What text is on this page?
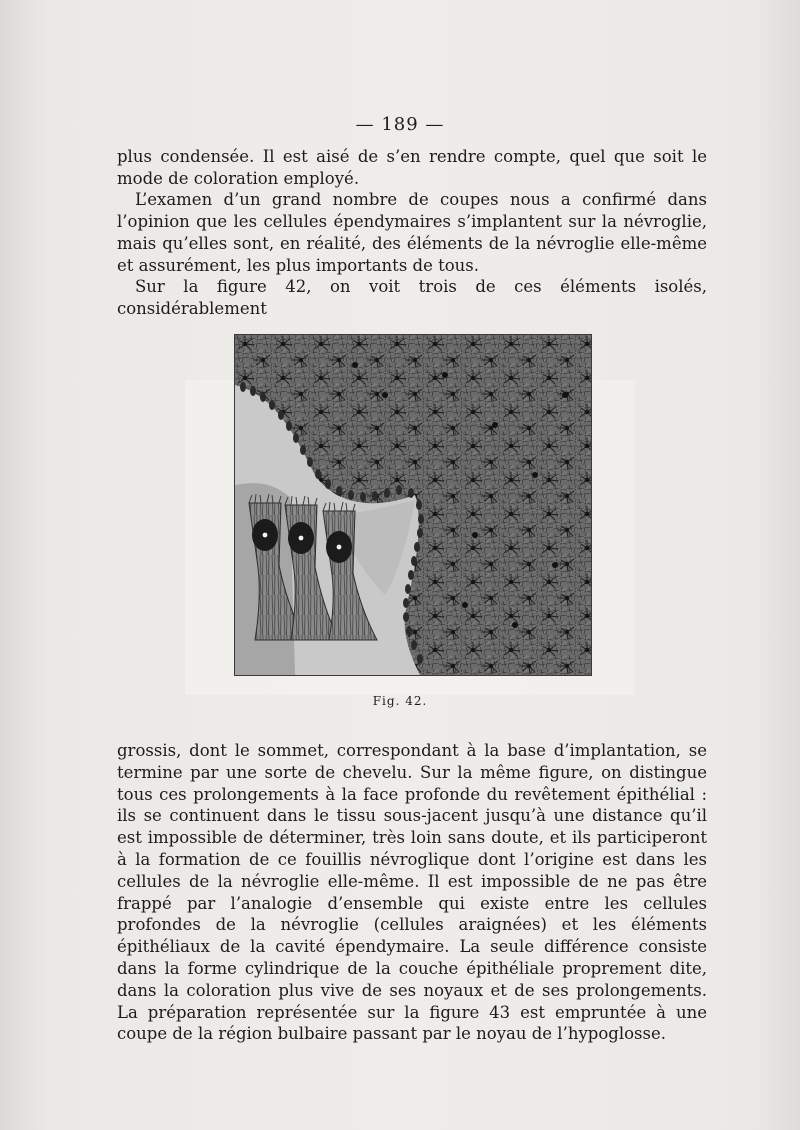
— 189 —

plus condensée. Il est aisé de s’en rendre compte, quel que soit le mode de coloration employé.

L’examen d’un grand nombre de coupes nous a confirmé dans l’opinion que les cellules épendymaires s’implantent sur la névroglie, mais qu’elles sont, en réalité, des éléments de la névroglie elle-même et assurément, les plus importants de tous.

Sur la figure 42, on voit trois de ces éléments isolés, considérablement

Fig. 42.

grossis, dont le sommet, correspondant à la base d’implantation, se termine par une sorte de chevelu. Sur la même figure, on distingue tous ces prolongements à la face profonde du revêtement épithélial : ils se continuent dans le tissu sous-jacent jusqu’à une distance qu’il est impossible de déterminer, très loin sans doute, et ils participeront à la formation de ce fouillis névroglique dont l’origine est dans les cellules de la névroglie elle-même. Il est impossible de ne pas être frappé par l’analogie d’ensemble qui existe entre les cellules profondes de la névroglie (cellules araignées) et les éléments épithéliaux de la cavité épendymaire. La seule différence consiste dans la forme cylindrique de la couche épithéliale proprement dite, dans la coloration plus vive de ses noyaux et de ses prolongements. La préparation représentée sur la figure 43 est empruntée à une coupe de la région bulbaire passant par le noyau de l’hypoglosse.
